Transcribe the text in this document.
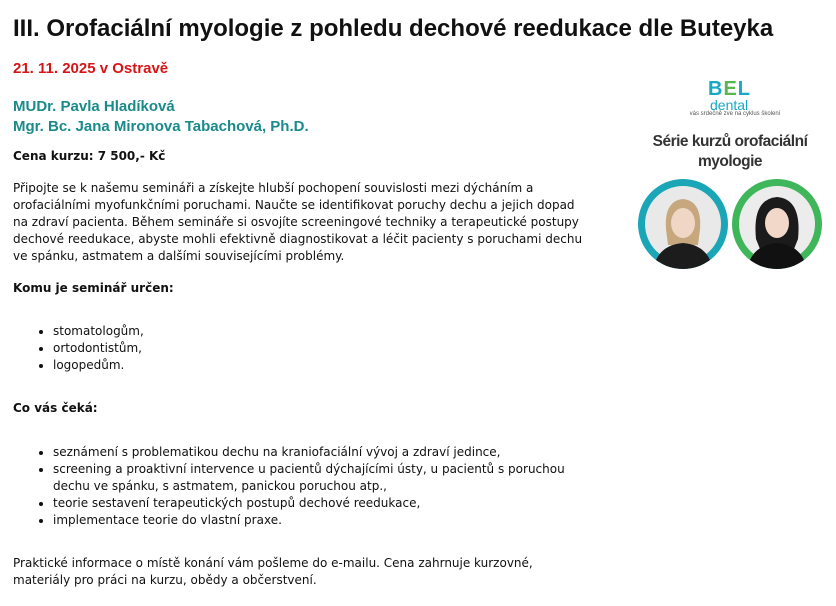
III. Orofaciální myologie z pohledu dechové reedukace dle Buteyka
21. 11. 2025 v Ostravě
MUDr. Pavla Hladíková
Mgr. Bc. Jana Mironova Tabachová, Ph.D.

Cena kurzu: 7 500,- Kč

Připojte se k našemu semináři a získejte hlubší pochopení souvislosti mezi dýcháním a orofaciálními myofunkčními poruchami. Naučte se identifikovat poruchy dechu a jejich dopad na zdraví pacienta. Během semináře si osvojíte screeningové techniky a terapeutické postupy dechové reedukace, abyste mohli efektivně diagnostikovat a léčit pacienty s poruchami dechu ve spánku, astmatem a dalšími souvisejícími problémy.

Komu je seminář určen:

• stomatologům,
• ortodontistům,
• logopedům.

Co vás čeká:

• seznámení s problematikou dechu na kraniofaciální vývoj a zdraví jedince,
• screening a proaktivní intervence u pacientů dýchajícími ústy, u pacientů s poruchou dechu ve spánku, s astmatem, panickou poruchou atp.,
• teorie sestavení terapeutických postupů dechové reedukace,
• implementace teorie do vlastní praxe.

Praktické informace o místě konání vám pošleme do e-mailu. Cena zahrnuje kurzovné, materiály pro práci na kurzu, obědy a občerstvení.

BEL
dental
vás srdečně zve na cyklus školení
Série kurzů orofaciální
myologie
